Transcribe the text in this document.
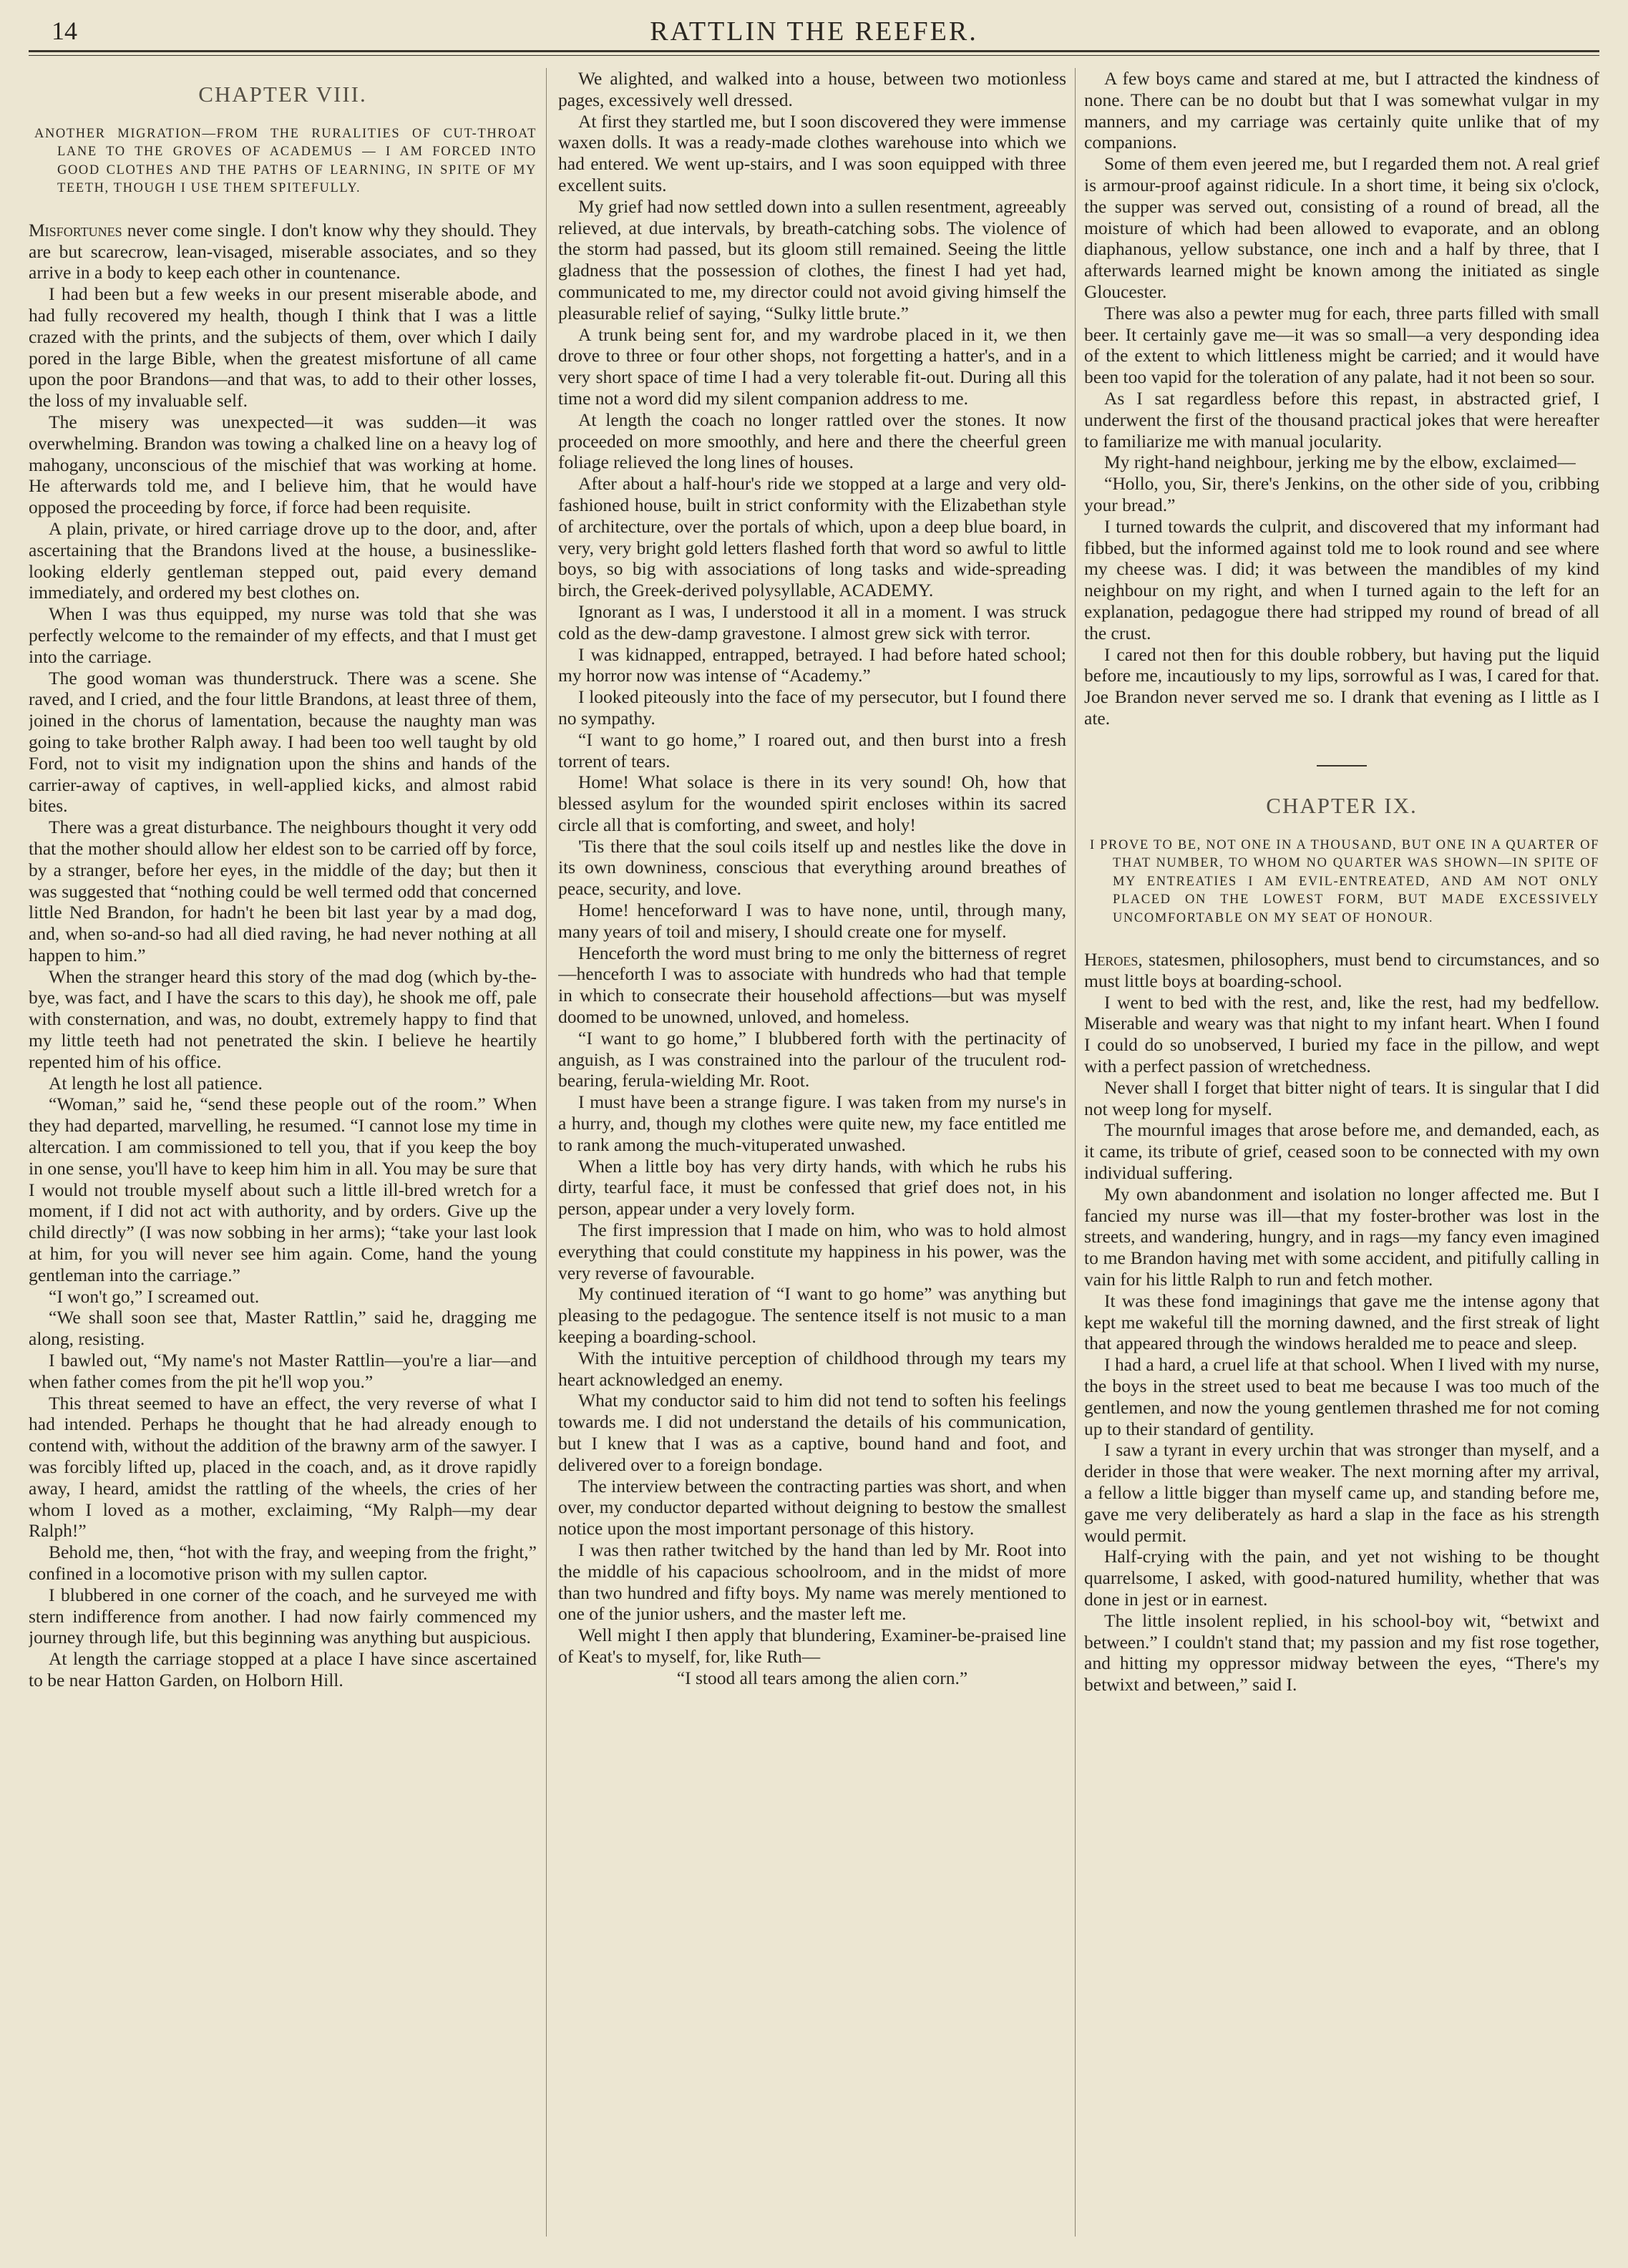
14	RATTLIN THE REEFER.
CHAPTER VIII.
ANOTHER MIGRATION—FROM THE RURALITIES OF CUT-THROAT LANE TO THE GROVES OF ACADEMUS — I AM FORCED INTO GOOD CLOTHES AND THE PATHS OF LEARNING, IN SPITE OF MY TEETH, THOUGH I USE THEM SPITEFULLY.

Misfortunes never come single. I don't know why they should. They are but scarecrow, lean-visaged, miserable associates, and so they arrive in a body to keep each other in countenance.

I had been but a few weeks in our present miserable abode, and had fully recovered my health, though I think that I was a little crazed with the prints, and the subjects of them, over which I daily pored in the large Bible, when the greatest misfortune of all came upon the poor Brandons—and that was, to add to their other losses, the loss of my invaluable self.

The misery was unexpected—it was sudden—it was overwhelming. Brandon was towing a chalked line on a heavy log of mahogany, unconscious of the mischief that was working at home. He afterwards told me, and I believe him, that he would have opposed the proceeding by force, if force had been requisite.

A plain, private, or hired carriage drove up to the door, and, after ascertaining that the Brandons lived at the house, a businesslike-looking elderly gentleman stepped out, paid every demand immediately, and ordered my best clothes on.

When I was thus equipped, my nurse was told that she was perfectly welcome to the remainder of my effects, and that I must get into the carriage.

The good woman was thunderstruck. There was a scene. She raved, and I cried, and the four little Brandons, at least three of them, joined in the chorus of lamentation, because the naughty man was going to take brother Ralph away. I had been too well taught by old Ford, not to visit my indignation upon the shins and hands of the carrier-away of captives, in well-applied kicks, and almost rabid bites.

There was a great disturbance. The neighbours thought it very odd that the mother should allow her eldest son to be carried off by force, by a stranger, before her eyes, in the middle of the day; but then it was suggested that “nothing could be well termed odd that concerned little Ned Brandon, for hadn't he been bit last year by a mad dog, and, when so-and-so had all died raving, he had never nothing at all happen to him.”

When the stranger heard this story of the mad dog (which by-the-bye, was fact, and I have the scars to this day), he shook me off, pale with consternation, and was, no doubt, extremely happy to find that my little teeth had not penetrated the skin. I believe he heartily repented him of his office.

At length he lost all patience.

“Woman,” said he, “send these people out of the room.” When they had departed, marvelling, he resumed. “I cannot lose my time in altercation. I am commissioned to tell you, that if you keep the boy in one sense, you'll have to keep him him in all. You may be sure that I would not trouble myself about such a little ill-bred wretch for a moment, if I did not act with authority, and by orders. Give up the child directly” (I was now sobbing in her arms); “take your last look at him, for you will never see him again. Come, hand the young gentleman into the carriage.”

“I won't go,” I screamed out.

“We shall soon see that, Master Rattlin,” said he, dragging me along, resisting.

I bawled out, “My name's not Master Rattlin—you're a liar—and when father comes from the pit he'll wop you.”

This threat seemed to have an effect, the very reverse of what I had intended. Perhaps he thought that he had already enough to contend with, without the addition of the brawny arm of the sawyer. I was forcibly lifted up, placed in the coach, and, as it drove rapidly away, I heard, amidst the rattling of the wheels, the cries of her whom I loved as a mother, exclaiming, “My Ralph—my dear Ralph!”

Behold me, then, “hot with the fray, and weeping from the fright,” confined in a locomotive prison with my sullen captor.

I blubbered in one corner of the coach, and he surveyed me with stern indifference from another. I had now fairly commenced my journey through life, but this beginning was anything but auspicious.

At length the carriage stopped at a place I have since ascertained to be near Hatton Garden, on Holborn Hill.

We alighted, and walked into a house, between two motionless pages, excessively well dressed.

At first they startled me, but I soon discovered they were immense waxen dolls. It was a ready-made clothes warehouse into which we had entered. We went up-stairs, and I was soon equipped with three excellent suits.

My grief had now settled down into a sullen resentment, agreeably relieved, at due intervals, by breath-catching sobs. The violence of the storm had passed, but its gloom still remained. Seeing the little gladness that the possession of clothes, the finest I had yet had, communicated to me, my director could not avoid giving himself the pleasurable relief of saying, “Sulky little brute.”

A trunk being sent for, and my wardrobe placed in it, we then drove to three or four other shops, not forgetting a hatter's, and in a very short space of time I had a very tolerable fit-out. During all this time not a word did my silent companion address to me.

At length the coach no longer rattled over the stones. It now proceeded on more smoothly, and here and there the cheerful green foliage relieved the long lines of houses.

After about a half-hour's ride we stopped at a large and very old-fashioned house, built in strict conformity with the Elizabethan style of architecture, over the portals of which, upon a deep blue board, in very, very bright gold letters flashed forth that word so awful to little boys, so big with associations of long tasks and wide-spreading birch, the Greek-derived polysyllable, ACADEMY.

Ignorant as I was, I understood it all in a moment. I was struck cold as the dew-damp gravestone. I almost grew sick with terror.

I was kidnapped, entrapped, betrayed. I had before hated school; my horror now was intense of “Academy.”

I looked piteously into the face of my persecutor, but I found there no sympathy.

“I want to go home,” I roared out, and then burst into a fresh torrent of tears.

Home! What solace is there in its very sound! Oh, how that blessed asylum for the wounded spirit encloses within its sacred circle all that is comforting, and sweet, and holy!

'Tis there that the soul coils itself up and nestles like the dove in its own downiness, conscious that everything around breathes of peace, security, and love.

Home! henceforward I was to have none, until, through many, many years of toil and misery, I should create one for myself.

Henceforth the word must bring to me only the bitterness of regret—henceforth I was to associate with hundreds who had that temple in which to consecrate their household affections—but was myself doomed to be unowned, unloved, and homeless.

“I want to go home,” I blubbered forth with the pertinacity of anguish, as I was constrained into the parlour of the truculent rod-bearing, ferula-wielding Mr. Root.

I must have been a strange figure. I was taken from my nurse's in a hurry, and, though my clothes were quite new, my face entitled me to rank among the much-vituperated unwashed.

When a little boy has very dirty hands, with which he rubs his dirty, tearful face, it must be confessed that grief does not, in his person, appear under a very lovely form.

The first impression that I made on him, who was to hold almost everything that could constitute my happiness in his power, was the very reverse of favourable.

My continued iteration of “I want to go home” was anything but pleasing to the pedagogue. The sentence itself is not music to a man keeping a boarding-school.

With the intuitive perception of childhood through my tears my heart acknowledged an enemy.

What my conductor said to him did not tend to soften his feelings towards me. I did not understand the details of his communication, but I knew that I was as a captive, bound hand and foot, and delivered over to a foreign bondage.

The interview between the contracting parties was short, and when over, my conductor departed without deigning to bestow the smallest notice upon the most important personage of this history.

I was then rather twitched by the hand than led by Mr. Root into the middle of his capacious schoolroom, and in the midst of more than two hundred and fifty boys. My name was merely mentioned to one of the junior ushers, and the master left me.

Well might I then apply that blundering, Examiner-be-praised line of Keat's to myself, for, like Ruth—

“I stood all tears among the alien corn.”

A few boys came and stared at me, but I attracted the kindness of none. There can be no doubt but that I was somewhat vulgar in my manners, and my carriage was certainly quite unlike that of my companions.

Some of them even jeered me, but I regarded them not. A real grief is armour-proof against ridicule. In a short time, it being six o'clock, the supper was served out, consisting of a round of bread, all the moisture of which had been allowed to evaporate, and an oblong diaphanous, yellow substance, one inch and a half by three, that I afterwards learned might be known among the initiated as single Gloucester.

There was also a pewter mug for each, three parts filled with small beer. It certainly gave me—it was so small—a very desponding idea of the extent to which littleness might be carried; and it would have been too vapid for the toleration of any palate, had it not been so sour.

As I sat regardless before this repast, in abstracted grief, I underwent the first of the thousand practical jokes that were hereafter to familiarize me with manual jocularity.

My right-hand neighbour, jerking me by the elbow, exclaimed—

“Hollo, you, Sir, there's Jenkins, on the other side of you, cribbing your bread.”

I turned towards the culprit, and discovered that my informant had fibbed, but the informed against told me to look round and see where my cheese was. I did; it was between the mandibles of my kind neighbour on my right, and when I turned again to the left for an explanation, pedagogue there had stripped my round of bread of all the crust.

I cared not then for this double robbery, but having put the liquid before me, incautiously to my lips, sorrowful as I was, I cared for that. Joe Brandon never served me so. I drank that evening as I little as I ate.

CHAPTER IX.
I PROVE TO BE, NOT ONE IN A THOUSAND, BUT ONE IN A QUARTER OF THAT NUMBER, TO WHOM NO QUARTER WAS SHOWN—IN SPITE OF MY ENTREATIES I AM EVIL-ENTREATED, AND AM NOT ONLY PLACED ON THE LOWEST FORM, BUT MADE EXCESSIVELY UNCOMFORTABLE ON MY SEAT OF HONOUR.

Heroes, statesmen, philosophers, must bend to circumstances, and so must little boys at boarding-school.

I went to bed with the rest, and, like the rest, had my bedfellow. Miserable and weary was that night to my infant heart. When I found I could do so unobserved, I buried my face in the pillow, and wept with a perfect passion of wretchedness.

Never shall I forget that bitter night of tears. It is singular that I did not weep long for myself.

The mournful images that arose before me, and demanded, each, as it came, its tribute of grief, ceased soon to be connected with my own individual suffering.

My own abandonment and isolation no longer affected me. But I fancied my nurse was ill—that my foster-brother was lost in the streets, and wandering, hungry, and in rags—my fancy even imagined to me Brandon having met with some accident, and pitifully calling in vain for his little Ralph to run and fetch mother.

It was these fond imaginings that gave me the intense agony that kept me wakeful till the morning dawned, and the first streak of light that appeared through the windows heralded me to peace and sleep.

I had a hard, a cruel life at that school. When I lived with my nurse, the boys in the street used to beat me because I was too much of the gentlemen, and now the young gentlemen thrashed me for not coming up to their standard of gentility.

I saw a tyrant in every urchin that was stronger than myself, and a derider in those that were weaker. The next morning after my arrival, a fellow a little bigger than myself came up, and standing before me, gave me very deliberately as hard a slap in the face as his strength would permit.

Half-crying with the pain, and yet not wishing to be thought quarrelsome, I asked, with good-natured humility, whether that was done in jest or in earnest.

The little insolent replied, in his school-boy wit, “betwixt and between.” I couldn't stand that; my passion and my fist rose together, and hitting my oppressor midway between the eyes, “There's my betwixt and between,” said I.
